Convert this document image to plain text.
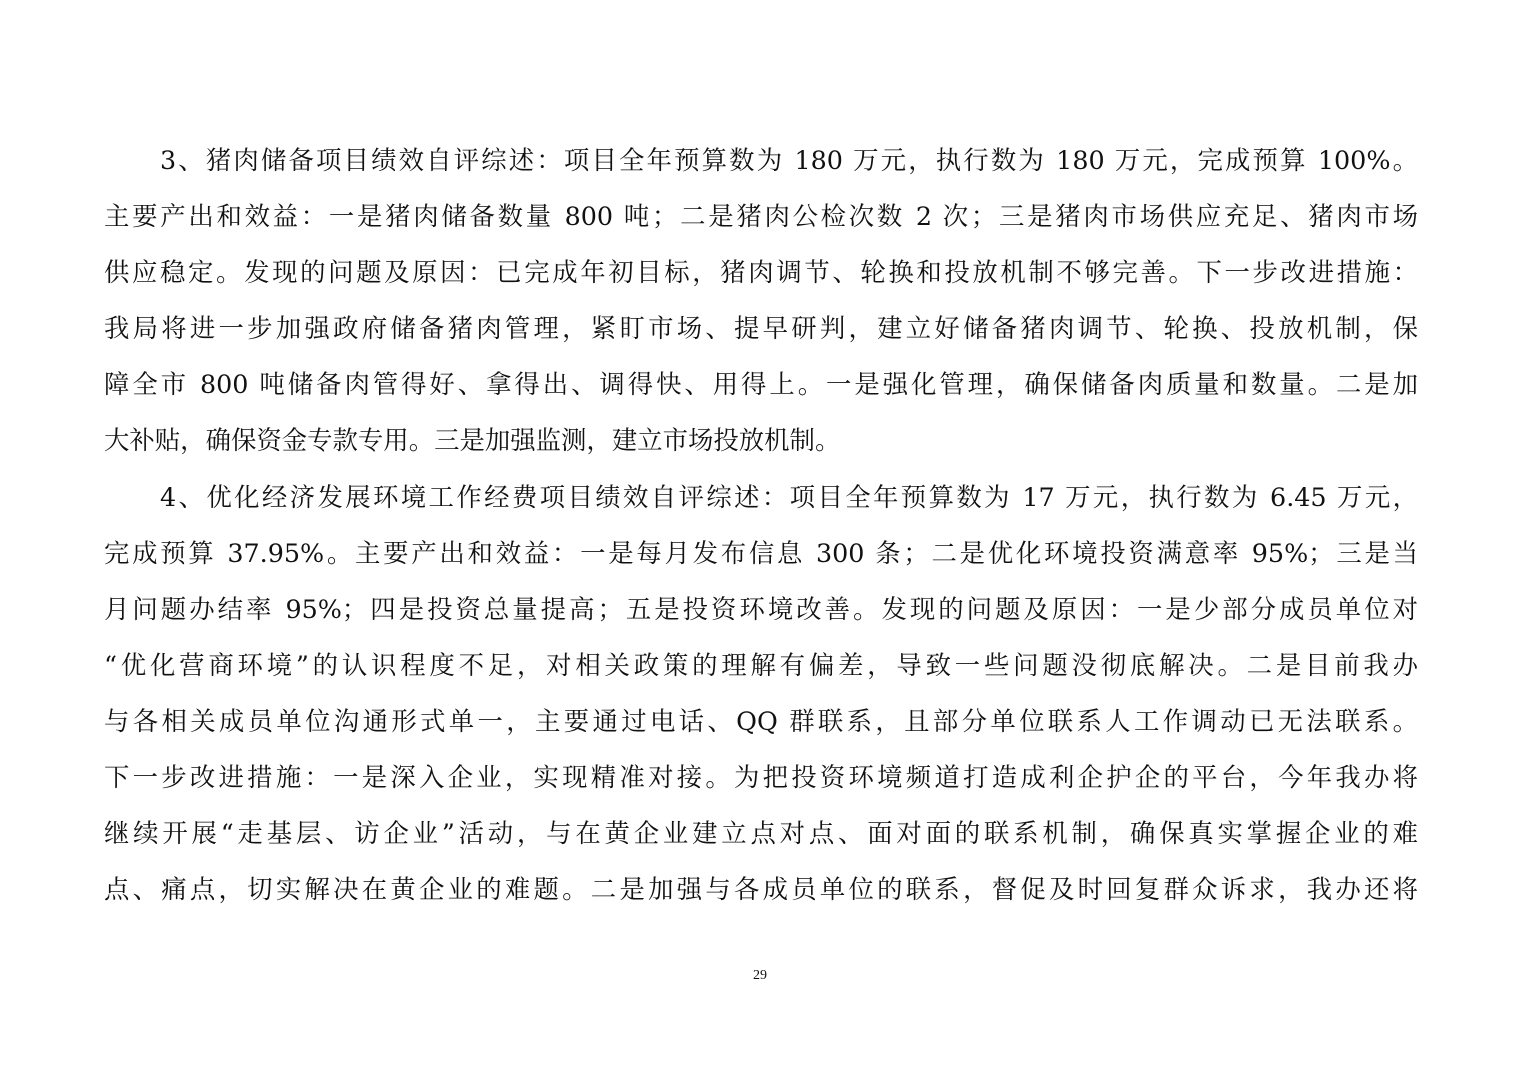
3、猪肉储备项目绩效自评综述：项目全年预算数为 180 万元，执行数为 180 万元，完成预算 100%。
主要产出和效益：一是猪肉储备数量 800 吨；二是猪肉公检次数 2 次；三是猪肉市场供应充足、猪肉市场
供应稳定。发现的问题及原因：已完成年初目标，猪肉调节、轮换和投放机制不够完善。下一步改进措施：
我局将进一步加强政府储备猪肉管理，紧盯市场、提早研判，建立好储备猪肉调节、轮换、投放机制，保
障全市 800 吨储备肉管得好、拿得出、调得快、用得上。一是强化管理，确保储备肉质量和数量。二是加
大补贴，确保资金专款专用。三是加强监测，建立市场投放机制。
4、优化经济发展环境工作经费项目绩效自评综述：项目全年预算数为 17 万元，执行数为 6.45 万元，
完成预算 37.95%。主要产出和效益：一是每月发布信息 300 条；二是优化环境投资满意率 95%；三是当
月问题办结率 95%；四是投资总量提高；五是投资环境改善。发现的问题及原因：一是少部分成员单位对
“优化营商环境”的认识程度不足，对相关政策的理解有偏差，导致一些问题没彻底解决。二是目前我办
与各相关成员单位沟通形式单一，主要通过电话、QQ 群联系，且部分单位联系人工作调动已无法联系。
下一步改进措施：一是深入企业，实现精准对接。为把投资环境频道打造成利企护企的平台，今年我办将
继续开展“走基层、访企业”活动，与在黄企业建立点对点、面对面的联系机制，确保真实掌握企业的难
点、痛点，切实解决在黄企业的难题。二是加强与各成员单位的联系，督促及时回复群众诉求，我办还将
29
